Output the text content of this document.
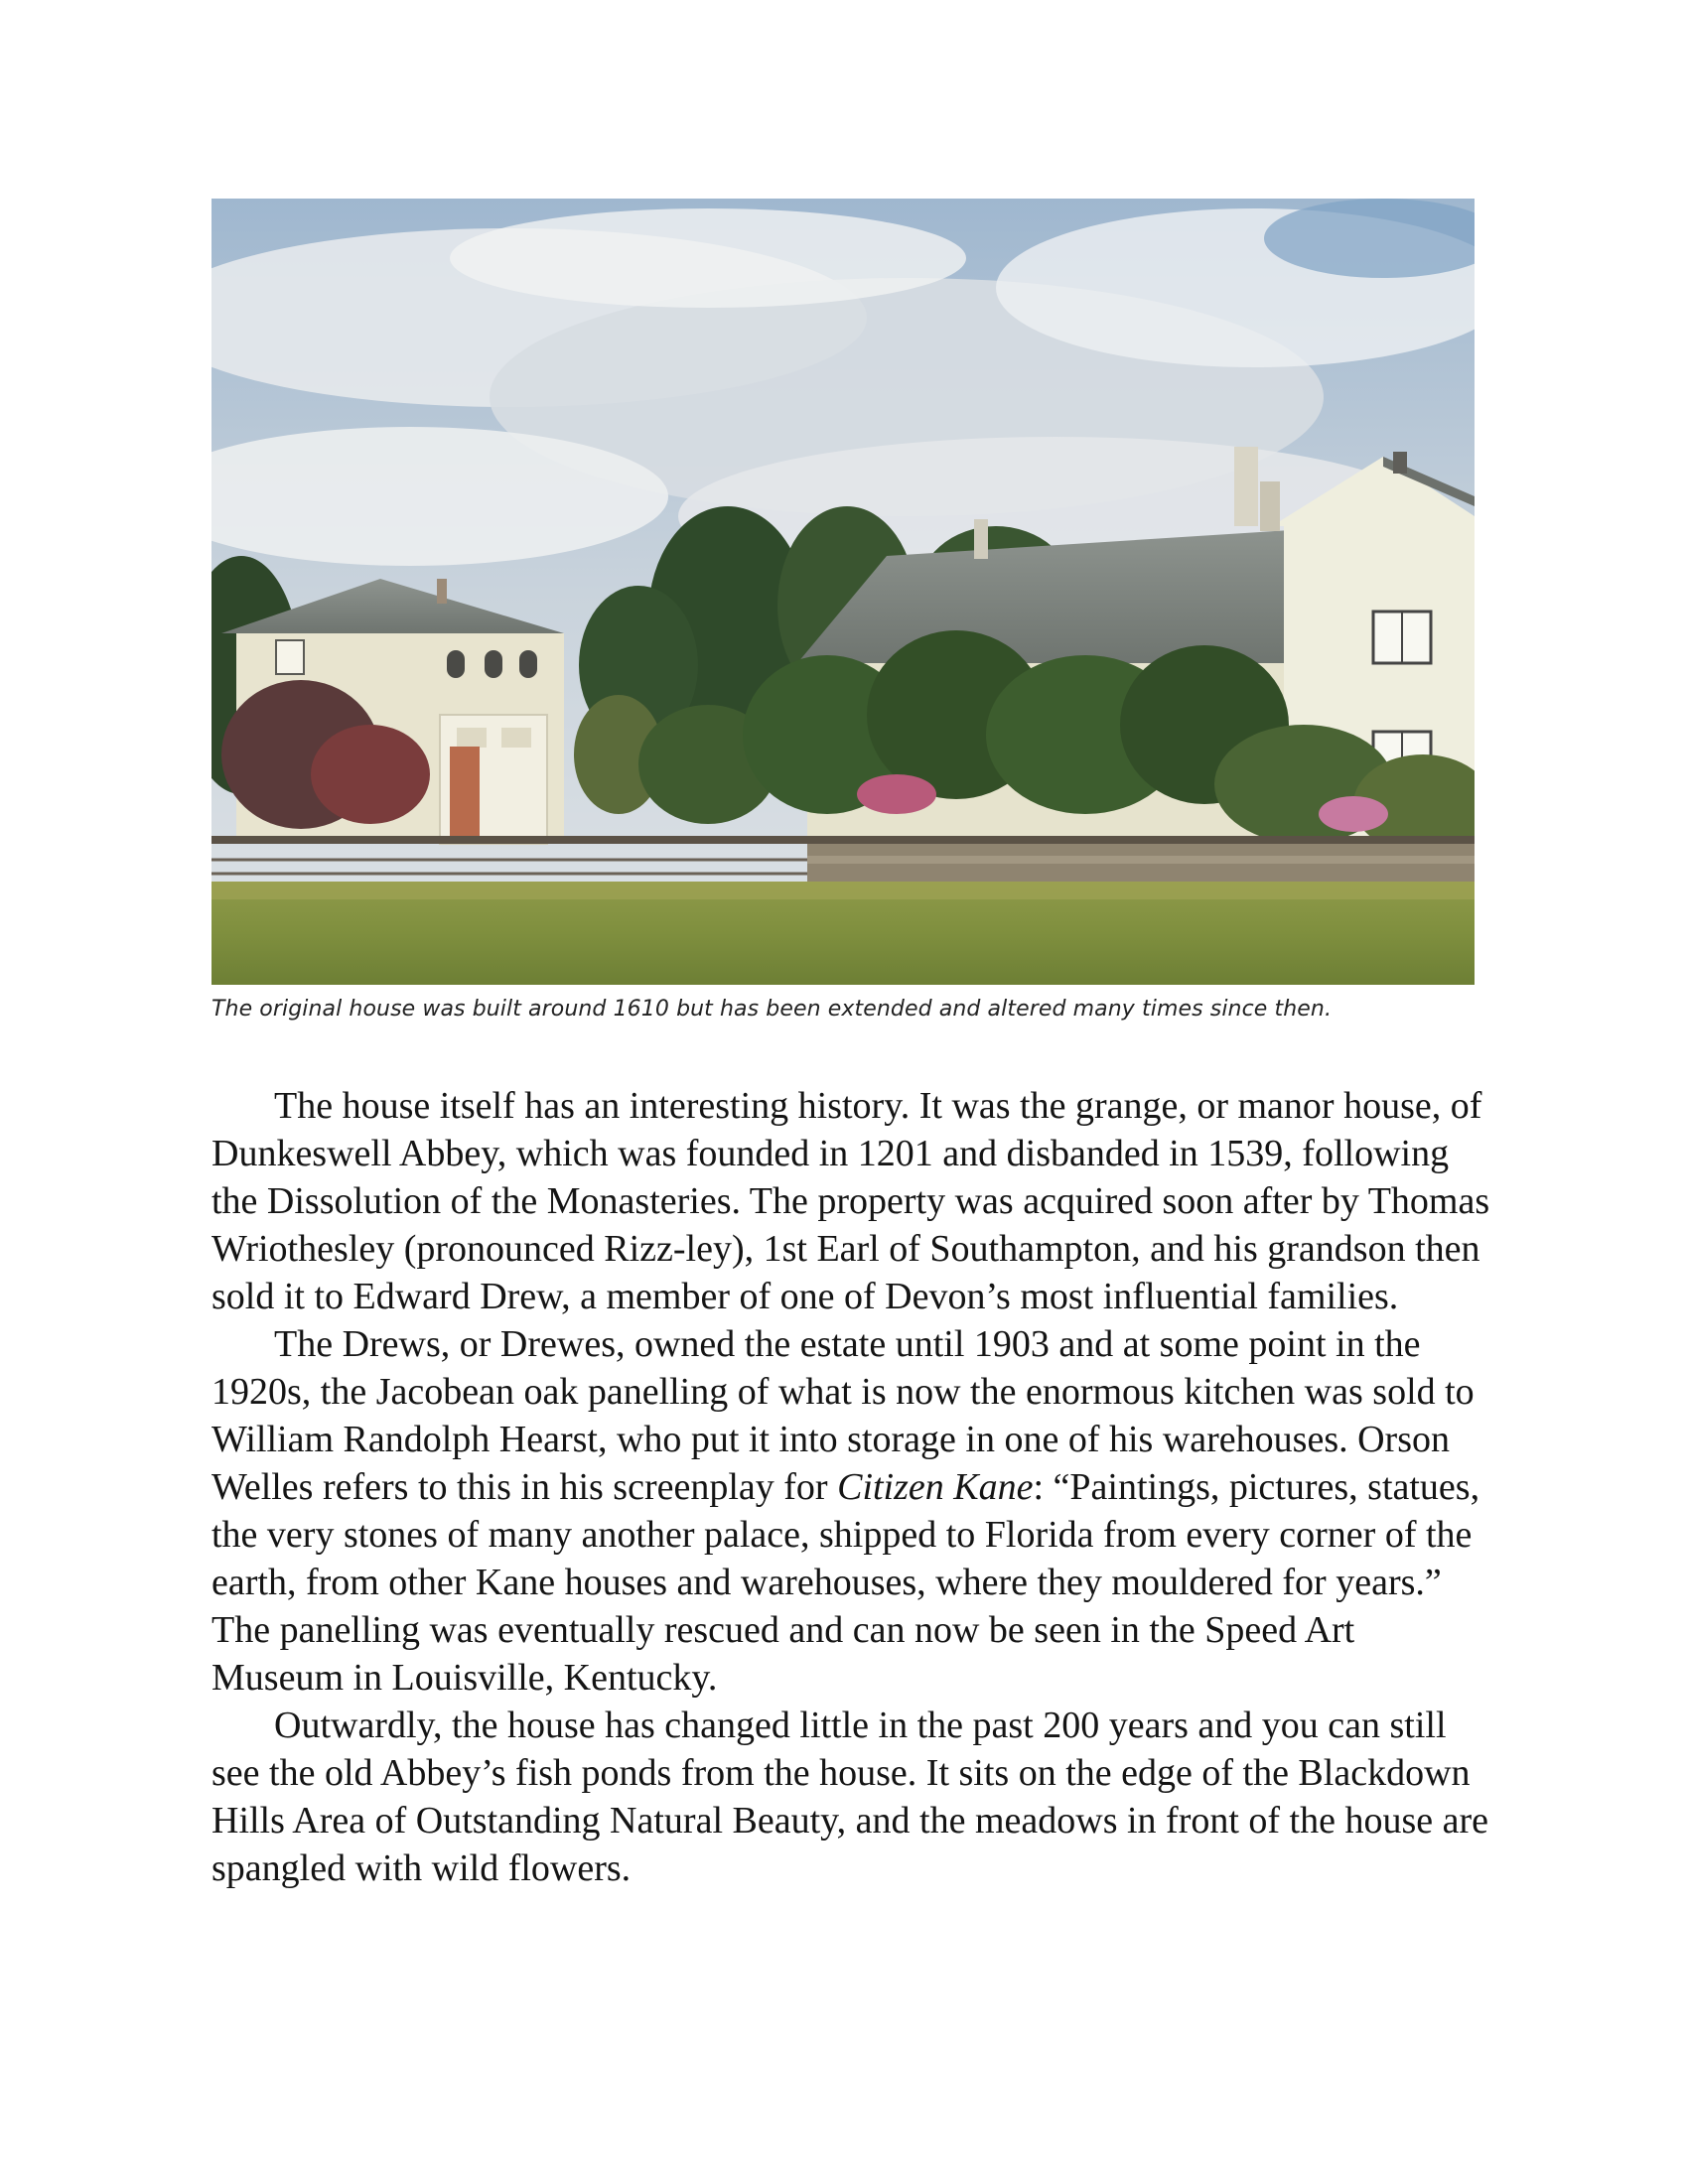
The original house was built around 1610 but has been extended and altered many times since then.

The house itself has an interesting history. It was the grange, or manor house, of Dunkeswell Abbey, which was founded in 1201 and disbanded in 1539, following the Dissolution of the Monasteries. The property was acquired soon after by Thomas Wriothesley (pronounced Rizz-ley), 1st Earl of Southampton, and his grandson then sold it to Edward Drew, a member of one of Devon’s most influential families.

The Drews, or Drewes, owned the estate until 1903 and at some point in the 1920s, the Jacobean oak panelling of what is now the enormous kitchen was sold to William Randolph Hearst, who put it into storage in one of his warehouses. Orson Welles refers to this in his screenplay for Citizen Kane: “Paintings, pictures, statues, the very stones of many another palace, shipped to Florida from every corner of the earth, from other Kane houses and warehouses, where they mouldered for years.” The panelling was eventually rescued and can now be seen in the Speed Art Museum in Louisville, Kentucky.

Outwardly, the house has changed little in the past 200 years and you can still see the old Abbey’s fish ponds from the house. It sits on the edge of the Blackdown Hills Area of Outstanding Natural Beauty, and the meadows in front of the house are spangled with wild flowers.
